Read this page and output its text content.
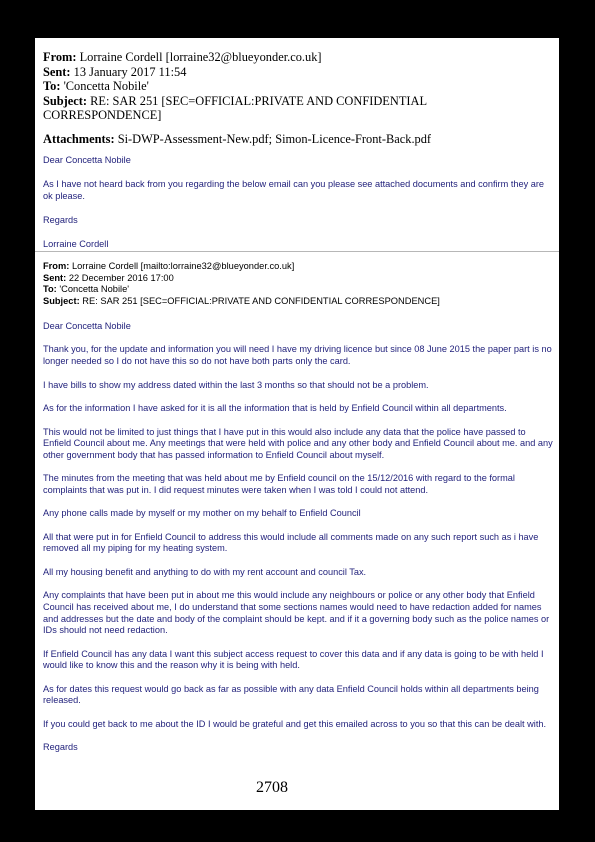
From: Lorraine Cordell [lorraine32@blueyonder.co.uk]
Sent: 13 January 2017 11:54
To: 'Concetta Nobile'
Subject: RE: SAR 251 [SEC=OFFICIAL:PRIVATE AND CONFIDENTIAL CORRESPONDENCE]
Attachments: Si-DWP-Assessment-New.pdf; Simon-Licence-Front-Back.pdf
Dear Concetta Nobile
As I have not heard back from you regarding the below email can you please see attached documents and confirm they are ok please.
Regards
Lorraine Cordell
From: Lorraine Cordell [mailto:lorraine32@blueyonder.co.uk]
Sent: 22 December 2016 17:00
To: 'Concetta Nobile'
Subject: RE: SAR 251 [SEC=OFFICIAL:PRIVATE AND CONFIDENTIAL CORRESPONDENCE]
Dear Concetta Nobile
Thank you, for the update and information you will need I have my driving licence but since 08 June 2015 the paper part is no longer needed so I do not have this so do not have both parts only the card.
I have bills to show my address dated within the last 3 months so that should not be a problem.
As for the information I have asked for it is all the information that is held by Enfield Council within all departments.
This would not be limited to just things that I have put in this would also include any data that the police have passed to Enfield Council about me. Any meetings that were held with police and any other body and Enfield Council about me. and any other government body that has passed information to Enfield Council about myself.
The minutes from the meeting that was held about me by Enfield council on the 15/12/2016 with regard to the formal complaints that was put in. I did request minutes were taken when I was told I could not attend.
Any phone calls made by myself or my mother on my behalf to Enfield Council
All that were put in for Enfield Council to address this would include all comments made on any such report such as i have removed all my piping for my heating system.
All my housing benefit and anything to do with my rent account and council Tax.
Any complaints that have been put in about me this would include any neighbours or police or any other body that Enfield Council has received about me, I do understand that some sections names would need to have redaction added for names and addresses but the date and body of the complaint should be kept. and if it a governing body such as the police names or IDs should not need redaction.
If Enfield Council has any data I want this subject access request to cover this data and if any data is going to be with held I would like to know this and the reason why it is being with held.
As for dates this request would go back as far as possible with any data Enfield Council holds within all departments being released.
If you could get back to me about the ID I would be grateful and get this emailed across to you so that this can be dealt with.
Regards
2708
